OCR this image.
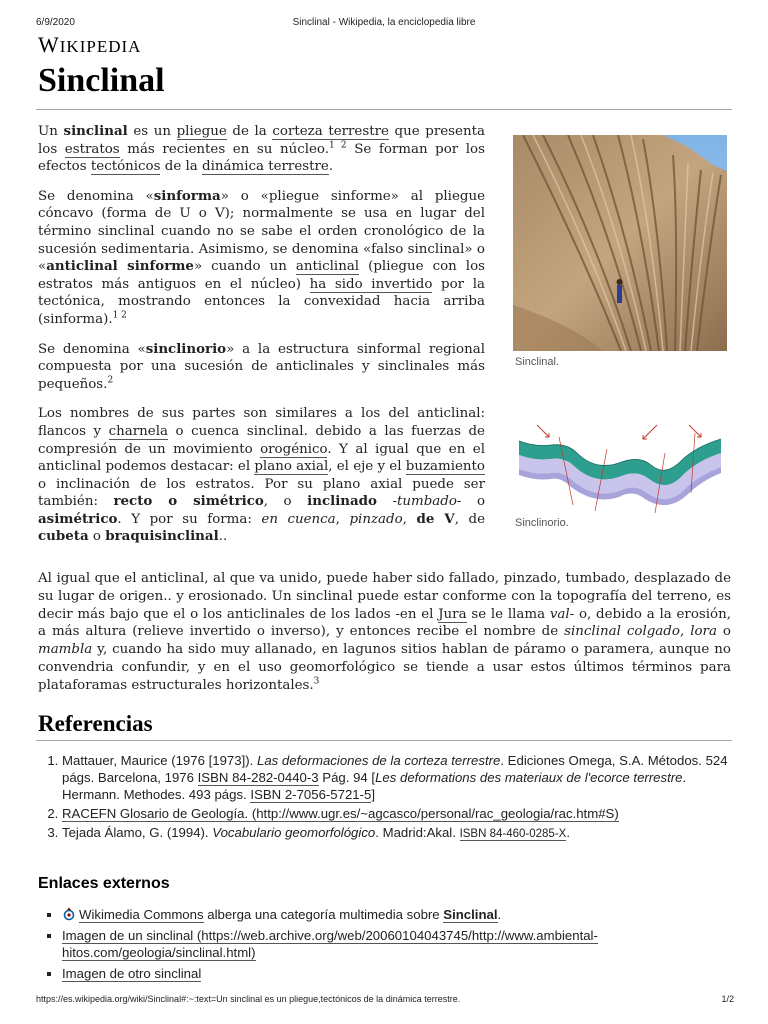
6/9/2020	Sinclinal - Wikipedia, la enciclopedia libre
WIKIPEDIA
Sinclinal

Un sinclinal es un pliegue de la corteza terrestre que presenta los estratos más recientes en su núcleo.$^{1 2}$ Se forman por los efectos tectónicos de la dinámica terrestre.

Se denomina «sinforma» o «pliegue sinforme» al pliegue cóncavo (forma de U o V); normalmente se usa en lugar del término sinclinal cuando no se sabe el orden cronológico de la sucesión sedimentaria. Asimismo, se denomina «falso sinclinal» o «anticlinal sinforme» cuando un anticlinal (pliegue con los estratos más antiguos en el núcleo) ha sido invertido por la tectónica, mostrando entonces la convexidad hacia arriba (sinforma).$^{1 2}$

Se denomina «sinclinorio» a la estructura sinformal regional compuesta por una sucesión de anticlinales y sinclinales más pequeños.$^2$

Los nombres de sus partes son similares a los del anticlinal: flancos y charnela o cuenca sinclinal. debido a las fuerzas de compresión de un movimiento orogénico. Y al igual que en el anticlinal podemos destacar: el plano axial, el eje y el buzamiento o inclinación de los estratos. Por su plano axial puede ser también: recto o simétrico, o inclinado -tumbado- o asimétrico. Y por su forma: en cuenca, pinzado, de V, de cubeta o braquisinclinal..

Sinclinal.
Sinclinorio.

Al igual que el anticlinal, al que va unido, puede haber sido fallado, pinzado, tumbado, desplazado de su lugar de origen.. y erosionado. Un sinclinal puede estar conforme con la topografía del terreno, es decir más bajo que el o los anticlinales de los lados -en el Jura se le llama val- o, debido a la erosión, a más altura (relieve invertido o inverso), y entonces recibe el nombre de sinclinal colgado, lora o mambla y, cuando ha sido muy allanado, en lagunos sitios hablan de páramo o paramera, aunque no convendria confundir, y en el uso geomorfológico se tiende a usar estos últimos términos para plataforamas estructurales horizontales.$^3$

Referencias
1. Mattauer, Maurice (1976 [1973]). Las deformaciones de la corteza terrestre. Ediciones Omega, S.A. Métodos. 524 págs. Barcelona, 1976 ISBN 84-282-0440-3 Pág. 94 [Les deformations des materiaux de l'ecorce terrestre. Hermann. Methodes. 493 págs. ISBN 2-7056-5721-5]
2. RACEFN Glosario de Geología. (http://www.ugr.es/~agcasco/personal/rac_geologia/rac.htm#S)
3. Tejada Álamo, G. (1994). Vocabulario geomorfológico. Madrid:Akal. ISBN 84-460-0285-X.
Enlaces externos
▪ Wikimedia Commons alberga una categoría multimedia sobre Sinclinal.
▪ Imagen de un sinclinal (https://web.archive.org/web/20060104043745/http://www.ambiental-hitos.com/geologia/sinclinal.html)
▪ Imagen de otro sinclinal
https://es.wikipedia.org/wiki/Sinclinal#:~:text=Un sinclinal es un pliegue,tectónicos de la dinámica terrestre.	1/2
